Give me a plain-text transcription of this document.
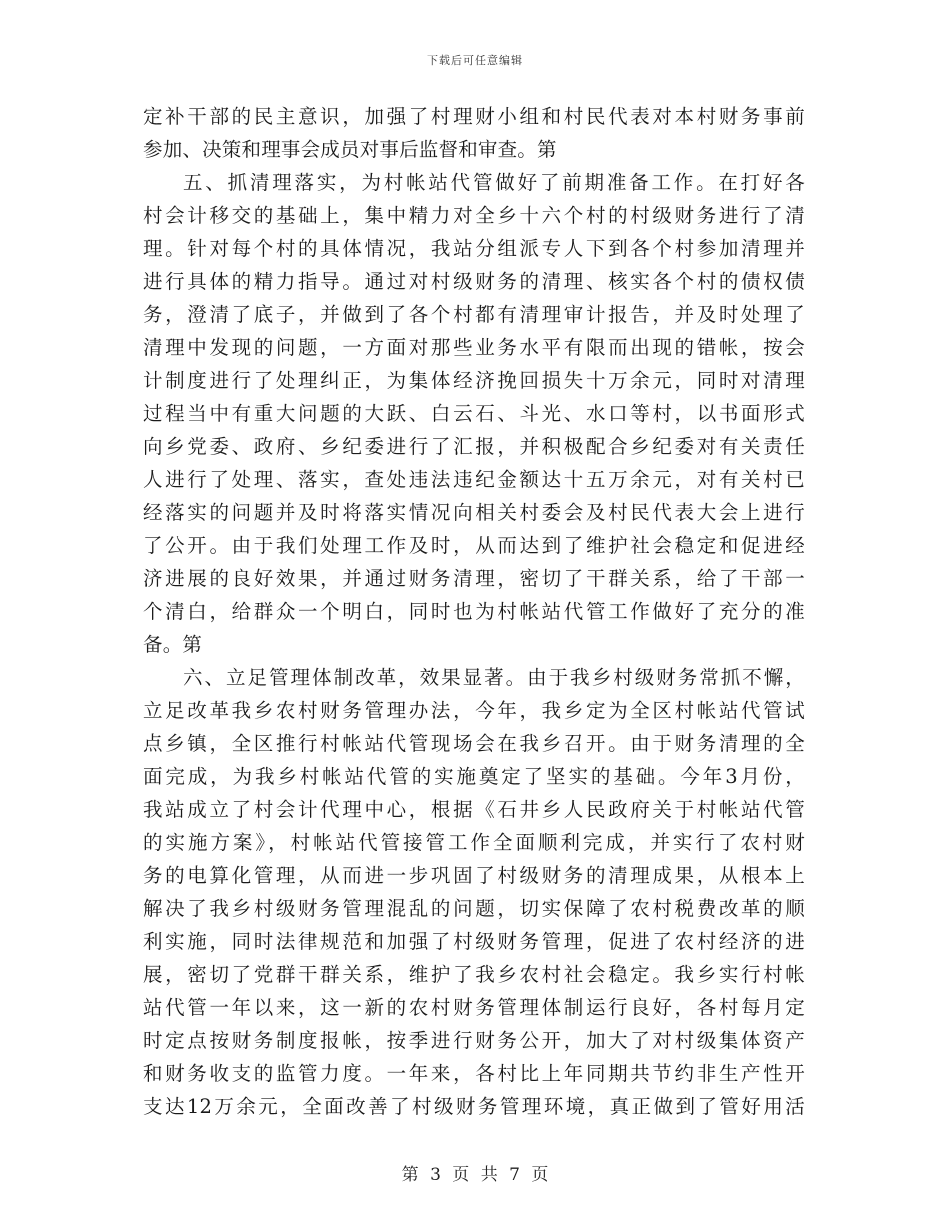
下载后可任意编辑
定补干部的民主意识，加强了村理财小组和村民代表对本村财务事前
参加、决策和理事会成员对事后监督和审查。第
五、抓清理落实，为村帐站代管做好了前期准备工作。在打好各
村会计移交的基础上，集中精力对全乡十六个村的村级财务进行了清
理。针对每个村的具体情况，我站分组派专人下到各个村参加清理并
进行具体的精力指导。通过对村级财务的清理、核实各个村的债权债
务，澄清了底子，并做到了各个村都有清理审计报告，并及时处理了
清理中发现的问题，一方面对那些业务水平有限而出现的错帐，按会
计制度进行了处理纠正，为集体经济挽回损失十万余元，同时对清理
过程当中有重大问题的大跃、白云石、斗光、水口等村，以书面形式
向乡党委、政府、乡纪委进行了汇报，并积极配合乡纪委对有关责任
人进行了处理、落实，查处违法违纪金额达十五万余元，对有关村已
经落实的问题并及时将落实情况向相关村委会及村民代表大会上进行
了公开。由于我们处理工作及时，从而达到了维护社会稳定和促进经
济进展的良好效果，并通过财务清理，密切了干群关系，给了干部一
个清白，给群众一个明白，同时也为村帐站代管工作做好了充分的准
备。第
六、立足管理体制改革，效果显著。由于我乡村级财务常抓不懈，
立足改革我乡农村财务管理办法，今年，我乡定为全区村帐站代管试
点乡镇，全区推行村帐站代管现场会在我乡召开。由于财务清理的全
面完成，为我乡村帐站代管的实施奠定了坚实的基础。今年3月份，
我站成立了村会计代理中心，根据《石井乡人民政府关于村帐站代管
的实施方案》，村帐站代管接管工作全面顺利完成，并实行了农村财
务的电算化管理，从而进一步巩固了村级财务的清理成果，从根本上
解决了我乡村级财务管理混乱的问题，切实保障了农村税费改革的顺
利实施，同时法律规范和加强了村级财务管理，促进了农村经济的进
展，密切了党群干群关系，维护了我乡农村社会稳定。我乡实行村帐
站代管一年以来，这一新的农村财务管理体制运行良好，各村每月定
时定点按财务制度报帐，按季进行财务公开，加大了对村级集体资产
和财务收支的监管力度。一年来，各村比上年同期共节约非生产性开
支达12万余元，全面改善了村级财务管理环境，真正做到了管好用活
第 3 页 共 7 页
